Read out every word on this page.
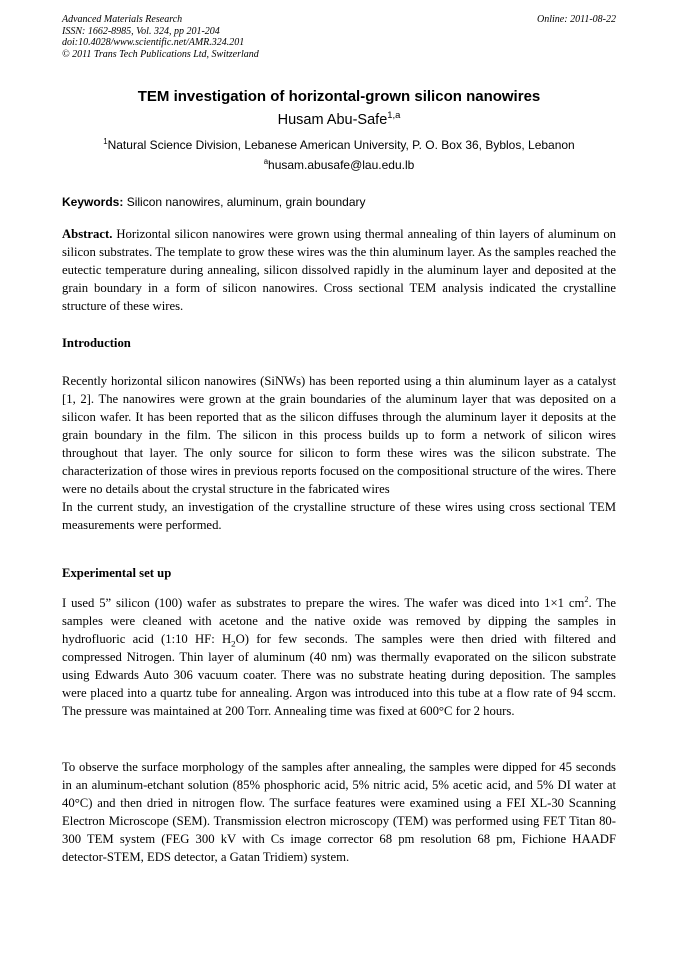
Advanced Materials Research
ISSN: 1662-8985, Vol. 324, pp 201-204
doi:10.4028/www.scientific.net/AMR.324.201
© 2011 Trans Tech Publications Ltd, Switzerland
Online: 2011-08-22
TEM investigation of horizontal-grown silicon nanowires
Husam Abu-Safe$^{1,a}$
$^1$Natural Science Division, Lebanese American University, P. O. Box 36, Byblos, Lebanon
$^a$husam.abusafe@lau.edu.lb
Keywords: Silicon nanowires, aluminum, grain boundary

Abstract. Horizontal silicon nanowires were grown using thermal annealing of thin layers of aluminum on silicon substrates. The template to grow these wires was the thin aluminum layer. As the samples reached the eutectic temperature during annealing, silicon dissolved rapidly in the aluminum layer and deposited at the grain boundary in a form of silicon nanowires. Cross sectional TEM analysis indicated the crystalline structure of these wires.

Introduction

Recently horizontal silicon nanowires (SiNWs) has been reported using a thin aluminum layer as a catalyst [1, 2]. The nanowires were grown at the grain boundaries of the aluminum layer that was deposited on a silicon wafer. It has been reported that as the silicon diffuses through the aluminum layer it deposits at the grain boundary in the film. The silicon in this process builds up to form a network of silicon wires throughout that layer. The only source for silicon to form these wires was the silicon substrate. The characterization of those wires in previous reports focused on the compositional structure of the wires. There were no details about the crystal structure in the fabricated wires

In the current study, an investigation of the crystalline structure of these wires using cross sectional TEM measurements were performed.

Experimental set up

I used 5” silicon (100) wafer as substrates to prepare the wires. The wafer was diced into 1×1 $cm^2$. The samples were cleaned with acetone and the native oxide was removed by dipping the samples in hydrofluoric acid (1:10 HF: $H_2O$) for few seconds. The samples were then dried with filtered and compressed Nitrogen. Thin layer of aluminum (40 nm) was thermally evaporated on the silicon substrate using Edwards Auto 306 vacuum coater. There was no substrate heating during deposition. The samples were placed into a quartz tube for annealing. Argon was introduced into this tube at a flow rate of 94 sccm. The pressure was maintained at 200 Torr. Annealing time was fixed at 600°C for 2 hours.

To observe the surface morphology of the samples after annealing, the samples were dipped for 45 seconds in an aluminum-etchant solution (85% phosphoric acid, 5% nitric acid, 5% acetic acid, and 5% DI water at 40°C) and then dried in nitrogen flow. The surface features were examined using a FEI XL-30 Scanning Electron Microscope (SEM). Transmission electron microscopy (TEM) was performed using FET Titan 80-300 TEM system (FEG 300 kV with Cs image corrector 68 pm resolution 68 pm, Fichione HAADF detector-STEM, EDS detector, a Gatan Tridiem) system.
